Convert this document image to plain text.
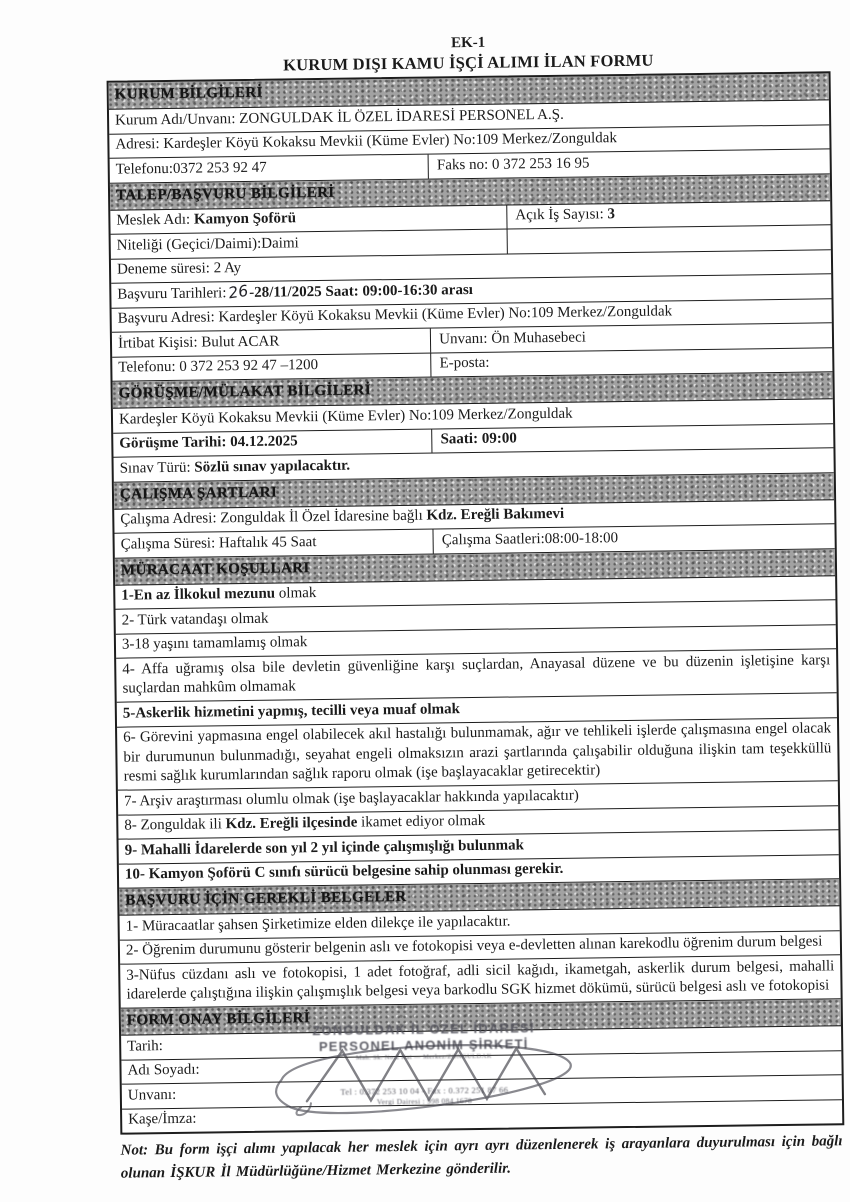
EK-1
KURUM DIŞI KAMU İŞÇİ ALIMI İLAN FORMU
KURUM BİLGİLERİ
Kurum Adı/Unvanı: ZONGULDAK İL ÖZEL İDARESİ PERSONEL A.Ş.
Adresi: Kardeşler Köyü Kokaksu Mevkii (Küme Evler) No:109 Merkez/Zonguldak
Telefonu:0372 253 92 47	Faks no: 0 372 253 16 95
TALEP/BAŞVURU BİLGİLERİ
Meslek Adı: Kamyon Şoförü	Açık İş Sayısı: 3
Niteliği (Geçici/Daimi):Daimi
Deneme süresi: 2 Ay
Başvuru Tarihleri: 26-28/11/2025 Saat: 09:00-16:30 arası
Başvuru Adresi: Kardeşler Köyü Kokaksu Mevkii (Küme Evler) No:109 Merkez/Zonguldak
İrtibat Kişisi: Bulut ACAR	Unvanı: Ön Muhasebeci
Telefonu: 0 372 253 92 47 –1200	E-posta:
GÖRÜŞME/MÜLAKAT BİLGİLERİ
Kardeşler Köyü Kokaksu Mevkii (Küme Evler) No:109 Merkez/Zonguldak
Görüşme Tarihi: 04.12.2025	Saati: 09:00
Sınav Türü: Sözlü sınav yapılacaktır.
ÇALIŞMA ŞARTLARI
Çalışma Adresi: Zonguldak İl Özel İdaresine bağlı Kdz. Ereğli Bakımevi
Çalışma Süresi: Haftalık 45 Saat	Çalışma Saatleri:08:00-18:00
MÜRACAAT KOŞULLARI
1-En az İlkokul mezunu olmak
2- Türk vatandaşı olmak
3-18 yaşını tamamlamış olmak
4- Affa uğramış olsa bile devletin güvenliğine karşı suçlardan, Anayasal düzene ve bu düzenin işletişine karşı suçlardan mahkûm olmamak
5-Askerlik hizmetini yapmış, tecilli veya muaf olmak
6- Görevini yapmasına engel olabilecek akıl hastalığı bulunmamak, ağır ve tehlikeli işlerde çalışmasına engel olacak bir durumunun bulunmadığı, seyahat engeli olmaksızın arazi şartlarında çalışabilir olduğuna ilişkin tam teşekküllü resmi sağlık kurumlarından sağlık raporu olmak (işe başlayacaklar getirecektir)
7- Arşiv araştırması olumlu olmak (işe başlayacaklar hakkında yapılacaktır)
8- Zonguldak ili Kdz. Ereğli ilçesinde ikamet ediyor olmak
9- Mahalli İdarelerde son yıl 2 yıl içinde çalışmışlığı bulunmak
10- Kamyon Şoförü C sınıfı sürücü belgesine sahip olunması gerekir.
BAŞVURU İÇİN GEREKLİ BELGELER
1- Müracaatlar şahsen Şirketimize elden dilekçe ile yapılacaktır.
2- Öğrenim durumunu gösterir belgenin aslı ve fotokopisi veya e-devletten alınan karekodlu öğrenim durum belgesi
3-Nüfus cüzdanı aslı ve fotokopisi, 1 adet fotoğraf, adli sicil kağıdı, ikametgah, askerlik durum belgesi, mahalli idarelerde çalıştığına ilişkin çalışmışlık belgesi veya barkodlu SGK hizmet dökümü, sürücü belgesi aslı ve fotokopisi
FORM ONAY BİLGİLERİ
Tarih:
Adı Soyadı:
Unvanı:
Kaşe/İmza:
ZONGULDAK İL ÖZEL İDARESİ
PERSONEL ANONİM ŞİRKETİ
Mah. Sk. No:2 Kat — Merkez/ZONGULDAK
Tel : 0.372 253 10 04 - Fax : 0.372 251 87 66
Vergi Dairesi : 998 084 1678
Not: Bu form işçi alımı yapılacak her meslek için ayrı ayrı düzenlenerek iş arayanlara duyurulması için bağlı olunan İŞKUR İl Müdürlüğüne/Hizmet Merkezine gönderilir.
